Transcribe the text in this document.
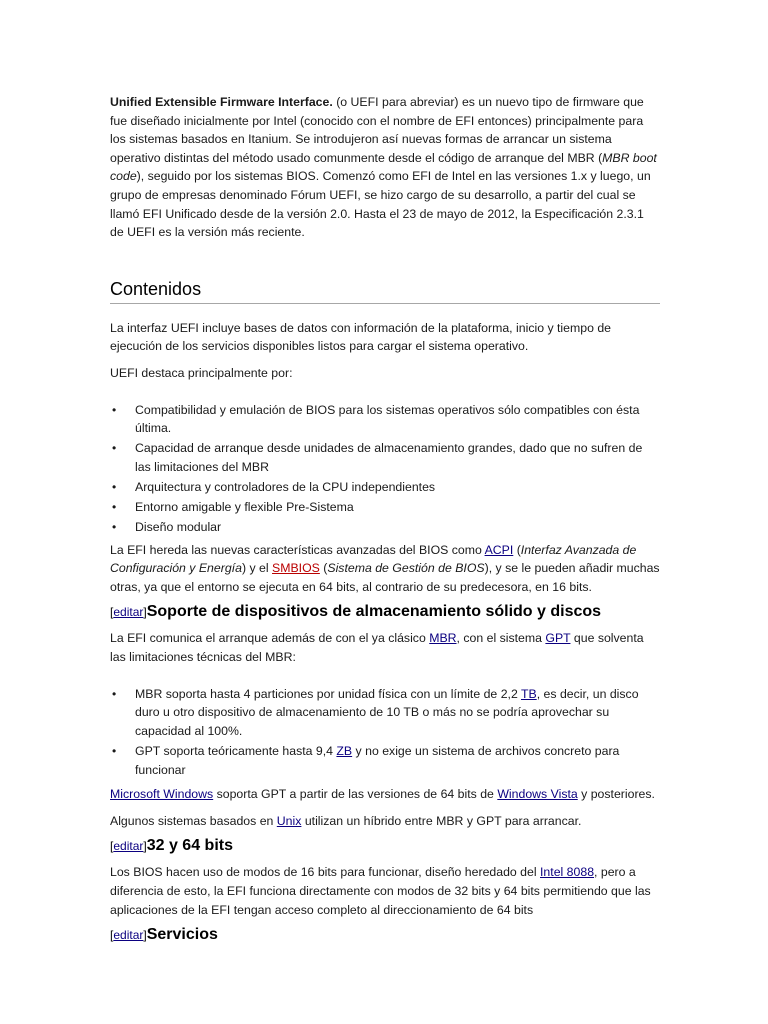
Unified Extensible Firmware Interface. (o UEFI para abreviar) es un nuevo tipo de firmware que fue diseñado inicialmente por Intel (conocido con el nombre de EFI entonces) principalmente para los sistemas basados en Itanium. Se introdujeron así nuevas formas de arrancar un sistema operativo distintas del método usado comunmente desde el código de arranque del MBR (MBR boot code), seguido por los sistemas BIOS. Comenzó como EFI de Intel en las versiones 1.x y luego, un grupo de empresas denominado Fórum UEFI, se hizo cargo de su desarrollo, a partir del cual se llamó EFI Unificado desde de la versión 2.0. Hasta el 23 de mayo de 2012, la Especificación 2.3.1 de UEFI es la versión más reciente.

Contenidos

La interfaz UEFI incluye bases de datos con información de la plataforma, inicio y tiempo de ejecución de los servicios disponibles listos para cargar el sistema operativo.

UEFI destaca principalmente por:

• Compatibilidad y emulación de BIOS para los sistemas operativos sólo compatibles con ésta última.
• Capacidad de arranque desde unidades de almacenamiento grandes, dado que no sufren de las limitaciones del MBR
• Arquitectura y controladores de la CPU independientes
• Entorno amigable y flexible Pre-Sistema
• Diseño modular

La EFI hereda las nuevas características avanzadas del BIOS como ACPI (Interfaz Avanzada de Configuración y Energía) y el SMBIOS (Sistema de Gestión de BIOS), y se le pueden añadir muchas otras, ya que el entorno se ejecuta en 64 bits, al contrario de su predecesora, en 16 bits.

[editar]Soporte de dispositivos de almacenamiento sólido y discos

La EFI comunica el arranque además de con el ya clásico MBR, con el sistema GPT que solventa las limitaciones técnicas del MBR:

• MBR soporta hasta 4 particiones por unidad física con un límite de 2,2 TB, es decir, un disco duro u otro dispositivo de almacenamiento de 10 TB o más no se podría aprovechar su capacidad al 100%.
• GPT soporta teóricamente hasta 9,4 ZB y no exige un sistema de archivos concreto para funcionar

Microsoft Windows soporta GPT a partir de las versiones de 64 bits de Windows Vista y posteriores.

Algunos sistemas basados en Unix utilizan un híbrido entre MBR y GPT para arrancar.

[editar]32 y 64 bits

Los BIOS hacen uso de modos de 16 bits para funcionar, diseño heredado del Intel 8088, pero a diferencia de esto, la EFI funciona directamente con modos de 32 bits y 64 bits permitiendo que las aplicaciones de la EFI tengan acceso completo al direccionamiento de 64 bits

[editar]Servicios
